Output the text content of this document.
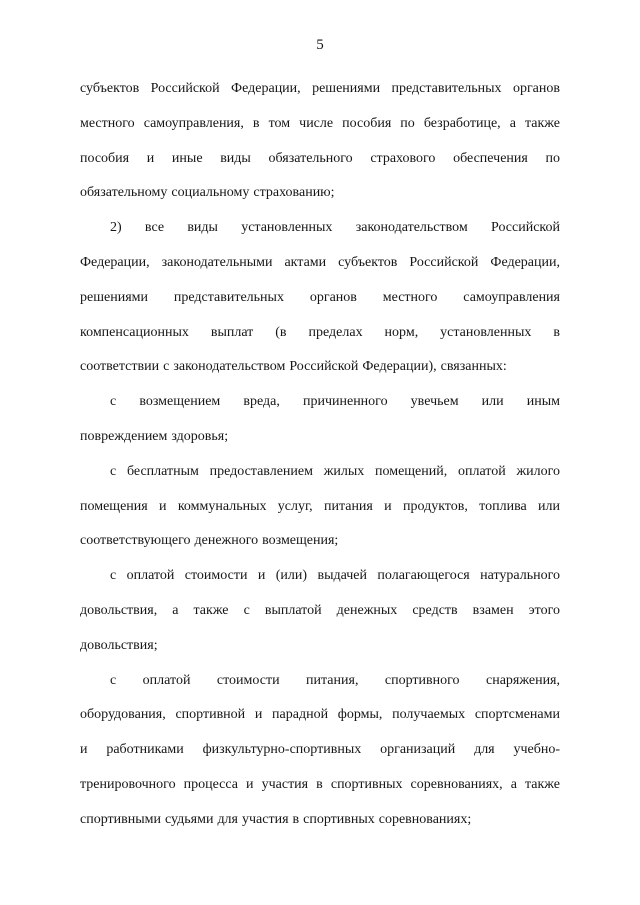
5
субъектов Российской Федерации, решениями представительных органов
местного самоуправления, в том числе пособия по безработице, а также
пособия и иные виды обязательного страхового обеспечения по
обязательному социальному страхованию;
2) все виды установленных законодательством Российской
Федерации, законодательными актами субъектов Российской Федерации,
решениями представительных органов местного самоуправления
компенсационных выплат (в пределах норм, установленных в
соответствии с законодательством Российской Федерации), связанных:
с возмещением вреда, причиненного увечьем или иным
повреждением здоровья;
с бесплатным предоставлением жилых помещений, оплатой жилого
помещения и коммунальных услуг, питания и продуктов, топлива или
соответствующего денежного возмещения;
с оплатой стоимости и (или) выдачей полагающегося натурального
довольствия, а также с выплатой денежных средств взамен этого
довольствия;
с оплатой стоимости питания, спортивного снаряжения,
оборудования, спортивной и парадной формы, получаемых спортсменами
и работниками физкультурно-спортивных организаций для учебно-
тренировочного процесса и участия в спортивных соревнованиях, а также
спортивными судьями для участия в спортивных соревнованиях;
